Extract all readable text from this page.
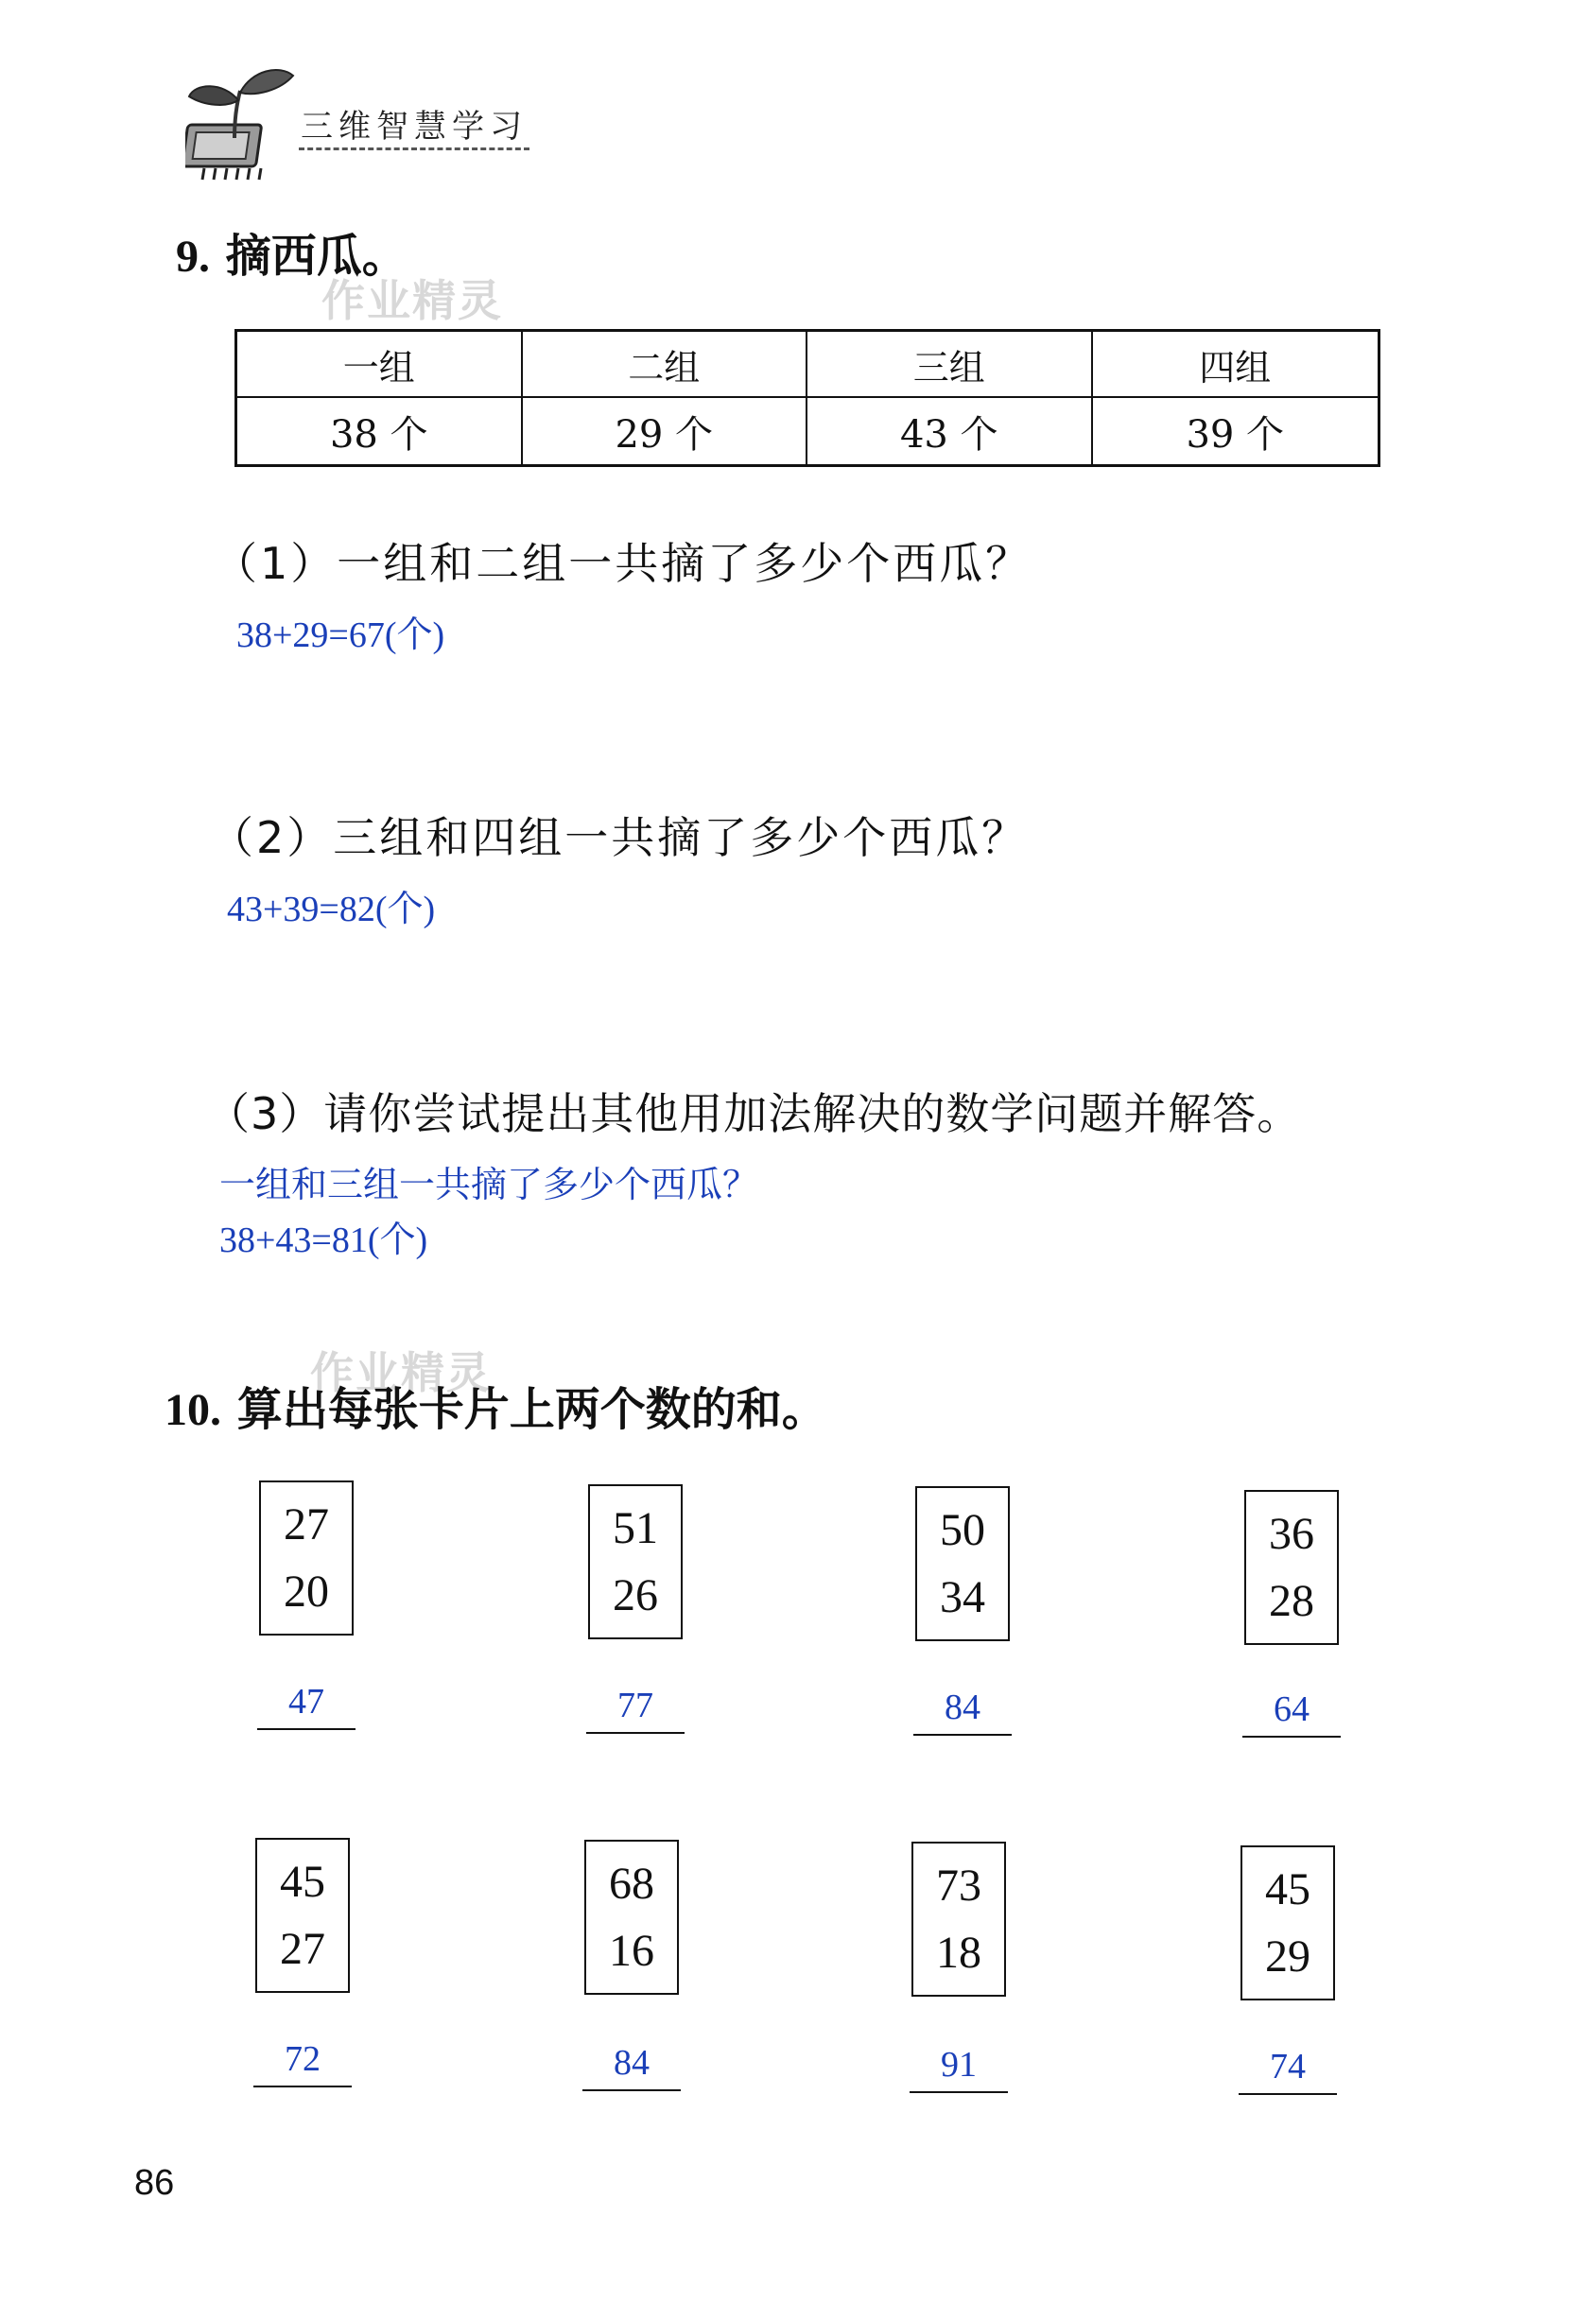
三维智慧学习
9. 摘西瓜。
作业精灵
一组	二组	三组	四组
38 个	29 个	43 个	39 个
（1）一组和二组一共摘了多少个西瓜？
38+29=67(个)
（2）三组和四组一共摘了多少个西瓜？
43+39=82(个)
（3）请你尝试提出其他用加法解决的数学问题并解答。
一组和三组一共摘了多少个西瓜？
38+43=81(个)
作业精灵
10. 算出每张卡片上两个数的和。
27
20
47
51
26
77
50
34
84
36
28
64
45
27
72
68
16
84
73
18
91
45
29
74
86
